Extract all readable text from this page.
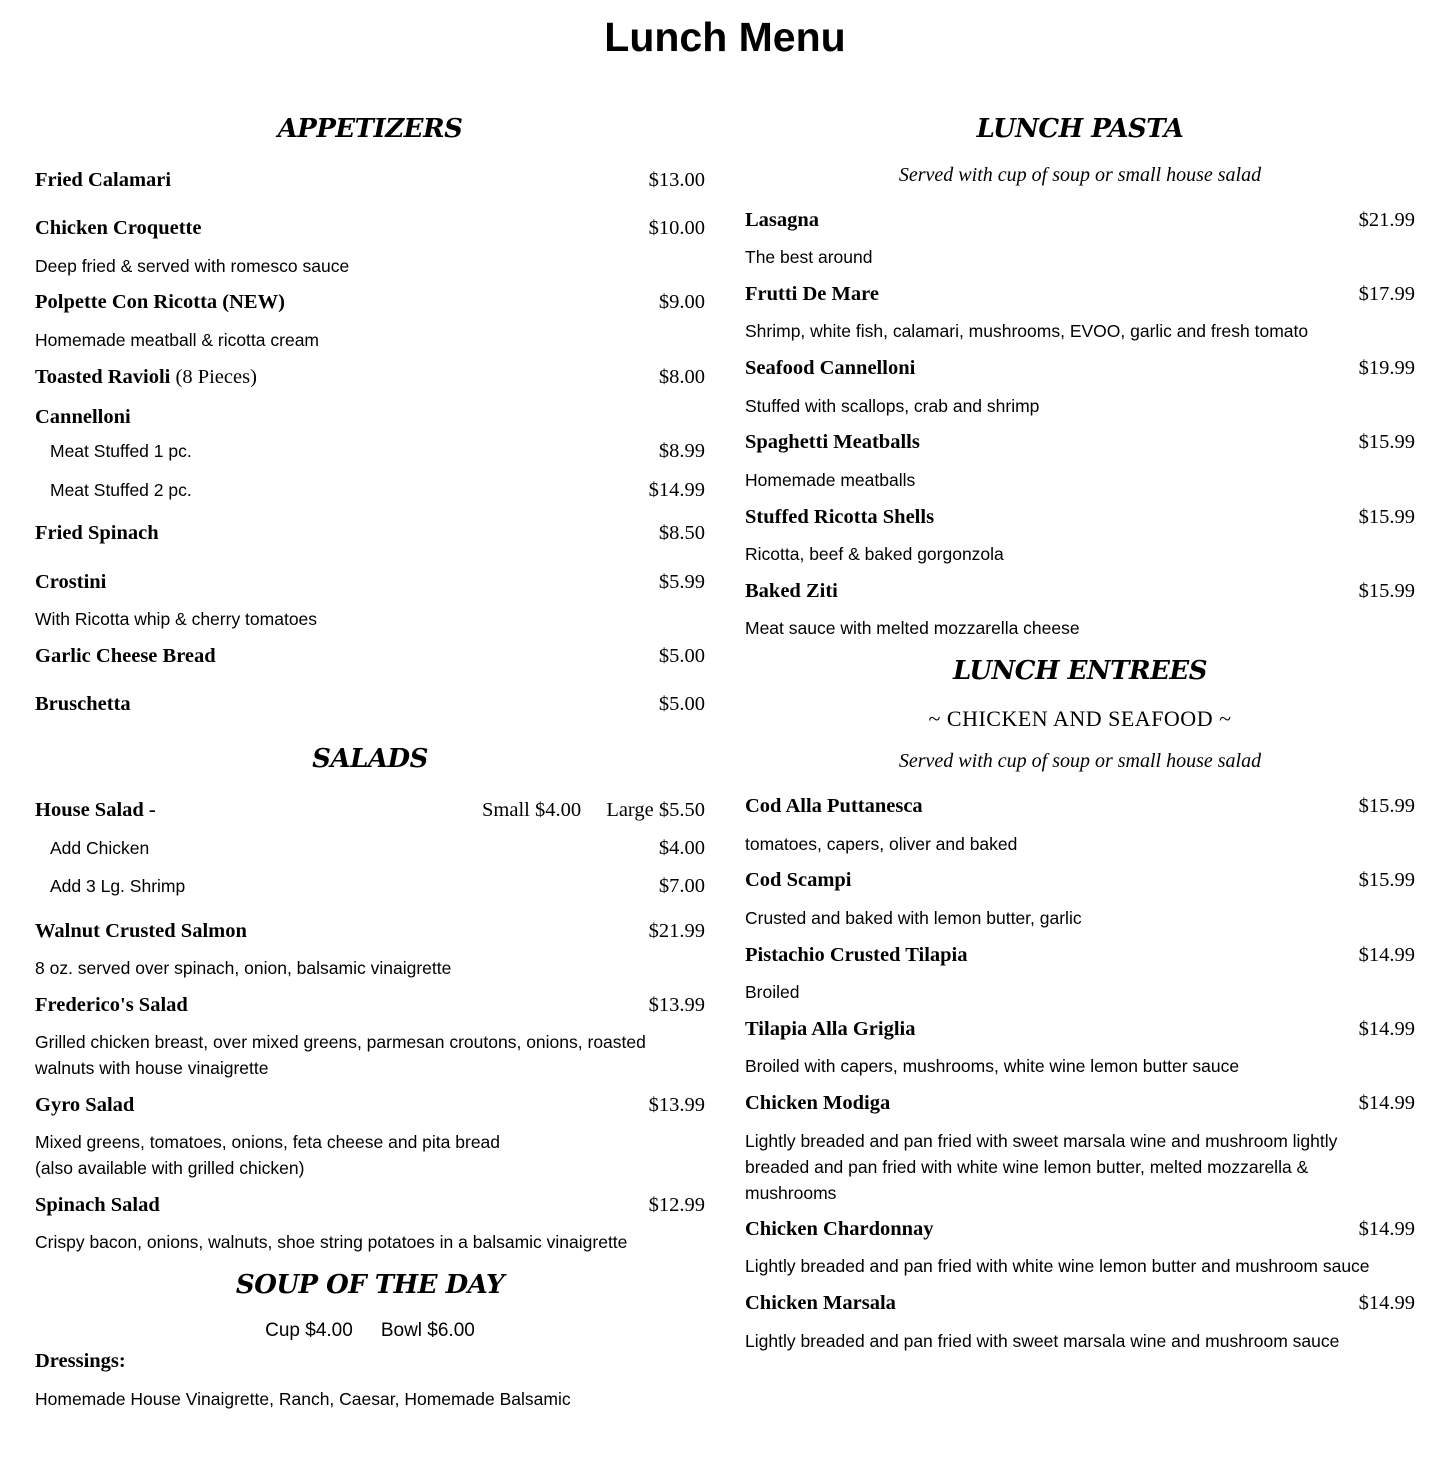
Lunch Menu
APPETIZERS
Fried Calamari	$13.00
Chicken Croquette	$10.00
Deep fried & served with romesco sauce
Polpette Con Ricotta (NEW)	$9.00
Homemade meatball & ricotta cream
Toasted Ravioli (8 Pieces)	$8.00
Cannelloni
Meat Stuffed 1 pc.	$8.99
Meat Stuffed 2 pc.	$14.99
Fried Spinach	$8.50
Crostini	$5.99
With Ricotta whip & cherry tomatoes
Garlic Cheese Bread	$5.00
Bruschetta	$5.00
SALADS
House Salad -	Small $4.00 Large $5.50
Add Chicken	$4.00
Add 3 Lg. Shrimp	$7.00
Walnut Crusted Salmon	$21.99
8 oz. served over spinach, onion, balsamic vinaigrette
Frederico's Salad	$13.99
Grilled chicken breast, over mixed greens, parmesan croutons, onions, roasted
walnuts with house vinaigrette
Gyro Salad	$13.99
Mixed greens, tomatoes, onions, feta cheese and pita bread
(also available with grilled chicken)
Spinach Salad	$12.99
Crispy bacon, onions, walnuts, shoe string potatoes in a balsamic vinaigrette
SOUP OF THE DAY
Cup $4.00 Bowl $6.00
Dressings:
Homemade House Vinaigrette, Ranch, Caesar, Homemade Balsamic
LUNCH PASTA
Served with cup of soup or small house salad
Lasagna	$21.99
The best around
Frutti De Mare	$17.99
Shrimp, white fish, calamari, mushrooms, EVOO, garlic and fresh tomato
Seafood Cannelloni	$19.99
Stuffed with scallops, crab and shrimp
Spaghetti Meatballs	$15.99
Homemade meatballs
Stuffed Ricotta Shells	$15.99
Ricotta, beef & baked gorgonzola
Baked Ziti	$15.99
Meat sauce with melted mozzarella cheese
LUNCH ENTREES
~ CHICKEN AND SEAFOOD ~
Served with cup of soup or small house salad
Cod Alla Puttanesca	$15.99
tomatoes, capers, oliver and baked
Cod Scampi	$15.99
Crusted and baked with lemon butter, garlic
Pistachio Crusted Tilapia	$14.99
Broiled
Tilapia Alla Griglia	$14.99
Broiled with capers, mushrooms, white wine lemon butter sauce
Chicken Modiga	$14.99
Lightly breaded and pan fried with sweet marsala wine and mushroom lightly
breaded and pan fried with white wine lemon butter, melted mozzarella &
mushrooms
Chicken Chardonnay	$14.99
Lightly breaded and pan fried with white wine lemon butter and mushroom sauce
Chicken Marsala	$14.99
Lightly breaded and pan fried with sweet marsala wine and mushroom sauce
